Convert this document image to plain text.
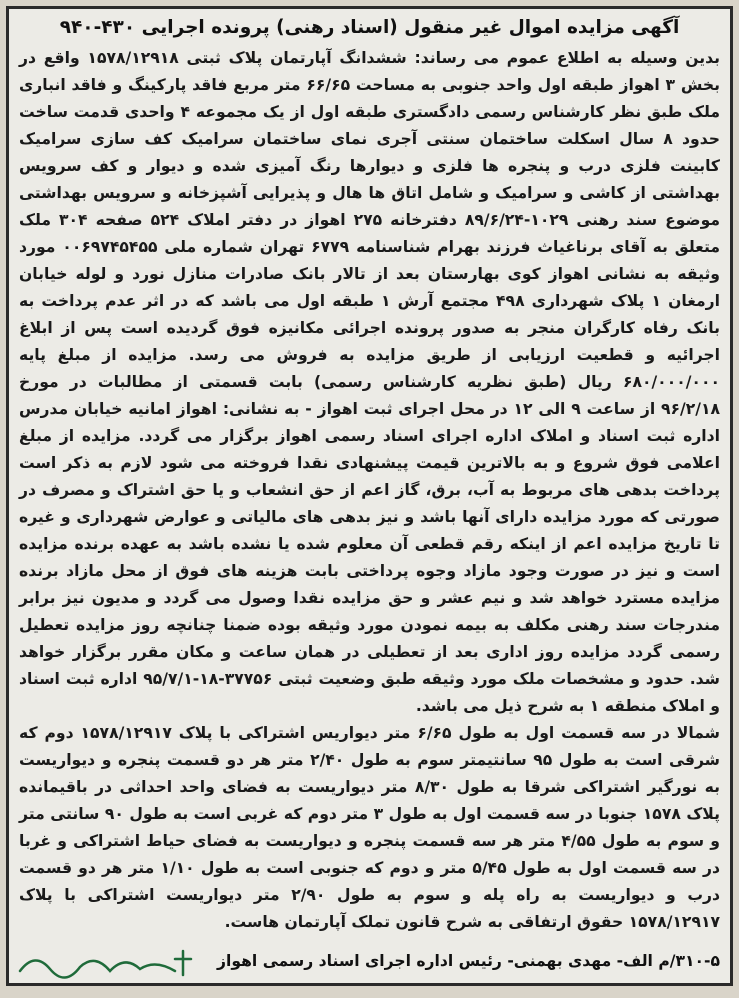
آگهی مزایده اموال غیر منقول (اسناد رهنی) پرونده اجرایی ۴۳۰-۹۴۰

بدین وسیله به اطلاع عموم می رساند: ششدانگ آپارتمان پلاک ثبتی ۱۵۷۸/۱۲۹۱۸ واقع در بخش ۳ اهواز طبقه اول واحد جنوبی به مساحت ۶۶/۶۵ متر مربع فاقد پارکینگ و فاقد انباری ملک طبق نظر کارشناس رسمی دادگستری طبقه اول از یک مجموعه ۴ واحدی قدمت ساخت حدود ۸ سال اسکلت ساختمان سنتی آجری نمای ساختمان سرامیک کف سازی سرامیک کابینت فلزی درب و پنجره ها فلزی و دیوارها رنگ آمیزی شده و دیوار و کف سرویس بهداشتی از کاشی و سرامیک و شامل اتاق ها هال و پذیرایی آشپزخانه و سرویس بهداشتی موضوع سند رهنی ۱۰۲۹-۸۹/۶/۲۴ دفترخانه ۲۷۵ اهواز در دفتر املاک ۵۲۴ صفحه ۳۰۴ ملک متعلق به آقای برناغیاث فرزند بهرام شناسنامه ۶۷۷۹ تهران شماره ملی ۰۰۶۹۷۴۵۴۵۵ مورد وثیقه به نشانی اهواز کوی بهارستان بعد از تالار بانک صادرات منازل نورد و لوله خیابان ارمغان ۱ پلاک شهرداری ۴۹۸ مجتمع آرش ۱ طبقه اول می باشد که در اثر عدم پرداخت به بانک رفاه کارگران منجر به صدور پرونده اجرائی مکانیزه فوق گردیده است پس از ابلاغ اجرائیه و قطعیت ارزیابی از طریق مزایده به فروش می رسد. مزایده از مبلغ پایه ۶۸۰/۰۰۰/۰۰۰ ریال (طبق نظریه کارشناس رسمی) بابت قسمتی از مطالبات در مورخ ۹۶/۲/۱۸ از ساعت ۹ الی ۱۲ در محل اجرای ثبت اهواز - به نشانی: اهواز امانیه خیابان مدرس اداره ثبت اسناد و املاک اداره اجرای اسناد رسمی اهواز برگزار می گردد. مزایده از مبلغ اعلامی فوق شروع و به بالاترین قیمت پیشنهادی نقدا فروخته می شود لازم به ذکر است پرداخت بدهی های مربوط به آب، برق، گاز اعم از حق انشعاب و یا حق اشتراک و مصرف در صورتی که مورد مزایده دارای آنها باشد و نیز بدهی های مالیاتی و عوارض شهرداری و غیره تا تاریخ مزایده اعم از اینکه رقم قطعی آن معلوم شده یا نشده باشد به عهده برنده مزایده است و نیز در صورت وجود مازاد وجوه پرداختی بابت هزینه های فوق از محل مازاد برنده مزایده مسترد خواهد شد و نیم عشر و حق مزایده نقدا وصول می گردد و مدیون نیز برابر مندرجات سند رهنی مکلف به بیمه نمودن مورد وثیقه بوده ضمنا چنانچه روز مزایده تعطیل رسمی گردد مزایده روز اداری بعد از تعطیلی در همان ساعت و مکان مقرر برگزار خواهد شد. حدود و مشخصات ملک مورد وثیقه طبق وضعیت ثبتی ۳۷۷۵۶-۱۸-۹۵/۷/۱ اداره ثبت اسناد و املاک منطقه ۱ به شرح ذیل می باشد.

شمالا در سه قسمت اول به طول ۶/۶۵ متر دیواریس اشتراکی با پلاک ۱۵۷۸/۱۲۹۱۷ دوم که شرقی است به طول ۹۵ سانتیمتر سوم به طول ۲/۴۰ متر هر دو قسمت پنجره و دیواریست به نورگیر اشتراکی شرقا به طول ۸/۳۰ متر دیواریست به فضای واحد احداثی در باقیمانده پلاک ۱۵۷۸ جنوبا در سه قسمت اول به طول ۳ متر دوم که غربی است به طول ۹۰ سانتی متر و سوم به طول ۴/۵۵ متر هر سه قسمت پنجره و دیواریست به فضای حیاط اشتراکی و غربا در سه قسمت اول به طول ۵/۴۵ متر و دوم که جنوبی است به طول ۱/۱۰ متر هر دو قسمت درب و دیواریست به راه پله و سوم به طول ۲/۹۰ متر دیواریست اشتراکی با پلاک ۱۵۷۸/۱۲۹۱۷ حقوق ارتفاقی به شرح قانون تملک آپارتمان هاست.

۳۱۰-۵/م الف- مهدی بهمنی- رئیس اداره اجرای اسناد رسمی اهواز
